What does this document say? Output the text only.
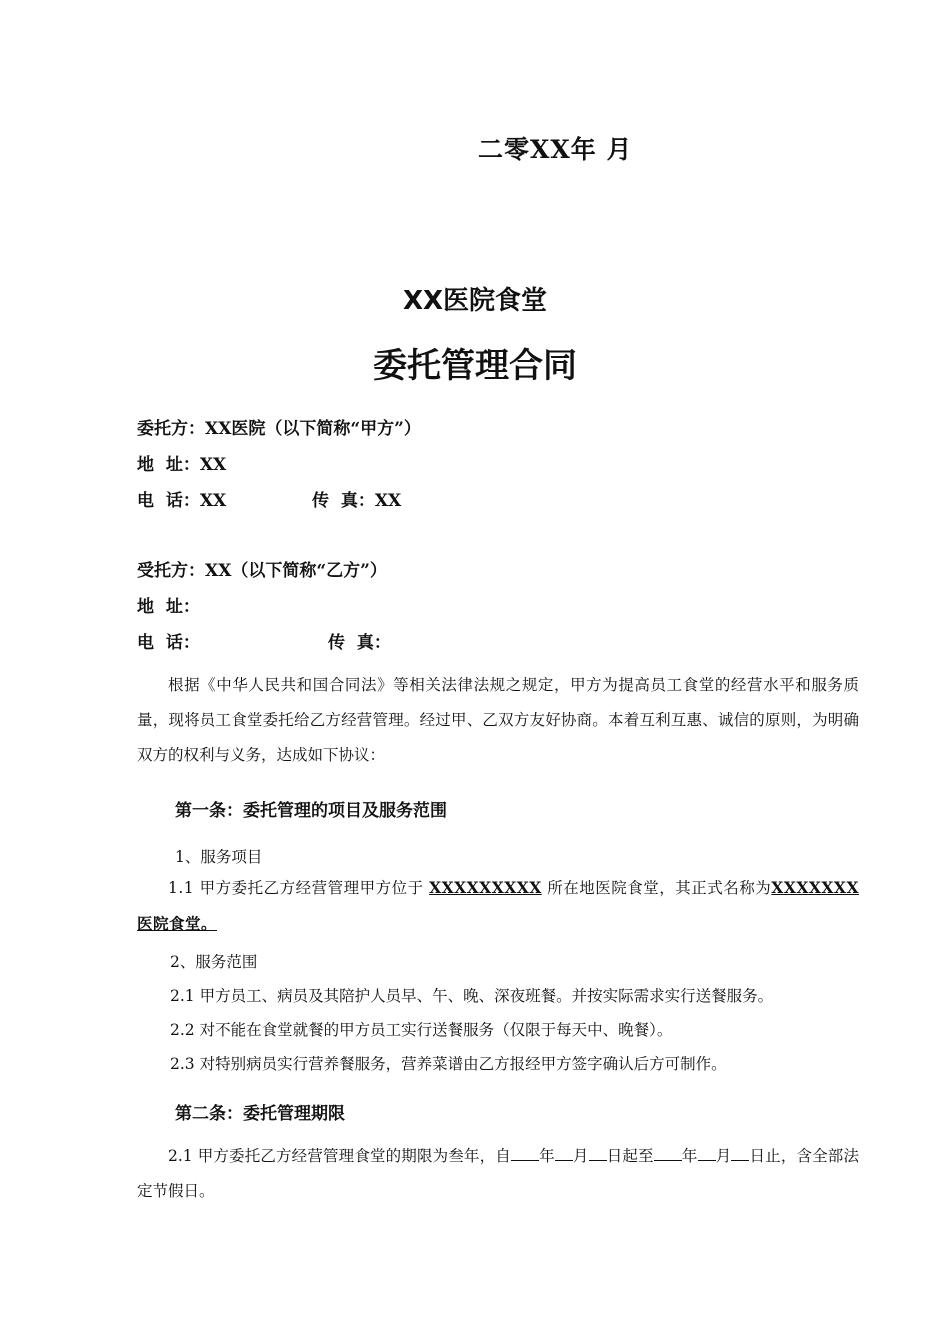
二零XX年 月
XX医院食堂
委托管理合同
委托方：XX医院（以下简称“甲方”）
地  址：XX
电  话：XX	传  真：XX
受托方：XX（以下简称“乙方”）
地  址：
电  话：	传  真：
根据《中华人民共和国合同法》等相关法律法规之规定，甲方为提高员工食堂的经营水平和服务质量，现将员工食堂委托给乙方经营管理。经过甲、乙双方友好协商。本着互利互惠、诚信的原则，为明确双方的权利与义务，达成如下协议：
第一条：委托管理的项目及服务范围
1、服务项目
1.1 甲方委托乙方经营管理甲方位于 XXXXXXXXX 所在地医院食堂，其正式名称为XXXXXXX医院食堂。
2、服务范围
2.1 甲方员工、病员及其陪护人员早、午、晚、深夜班餐。并按实际需求实行送餐服务。
2.2 对不能在食堂就餐的甲方员工实行送餐服务（仅限于每天中、晚餐）。
2.3 对特别病员实行营养餐服务，营养菜谱由乙方报经甲方签字确认后方可制作。
第二条：委托管理期限
2.1 甲方委托乙方经营管理食堂的期限为叁年，自 年 月 日起至 年 月 日止，含全部法定节假日。
